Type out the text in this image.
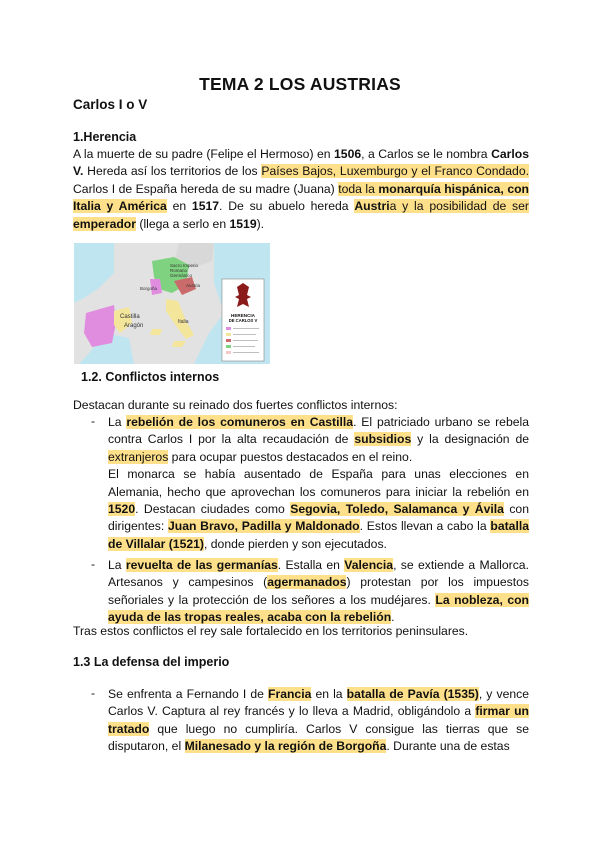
TEMA 2 LOS AUSTRIAS
Carlos I o V
1.Herencia
A la muerte de su padre (Felipe el Hermoso) en 1506, a Carlos se le nombra Carlos V. Hereda así los territorios de los Países Bajos, Luxemburgo y el Franco Condado. Carlos I de España hereda de su madre (Juana) toda la monarquía hispánica, con Italia y América en 1517. De su abuelo hereda Austria y la posibilidad de ser emperador (llega a serlo en 1519).
Castilla
Aragón
Sacro Imperio
Romano
Germánico
Austria
Borgoña
Italia
HERENCIA
DE CARLOS V
1.2. Conflictos internos
Destacan durante su reinado dos fuertes conflictos internos:
- La rebelión de los comuneros en Castilla. El patriciado urbano se rebela contra Carlos I por la alta recaudación de subsidios y la designación de extranjeros para ocupar puestos destacados en el reino.
El monarca se había ausentado de España para unas elecciones en Alemania, hecho que aprovechan los comuneros para iniciar la rebelión en 1520. Destacan ciudades como Segovia, Toledo, Salamanca y Ávila con dirigentes: Juan Bravo, Padilla y Maldonado. Estos llevan a cabo la batalla de Villalar (1521), donde pierden y son ejecutados.
- La revuelta de las germanías. Estalla en Valencia, se extiende a Mallorca. Artesanos y campesinos (agermanados) protestan por los impuestos señoriales y la protección de los señores a los mudéjares. La nobleza, con ayuda de las tropas reales, acaba con la rebelión.
Tras estos conflictos el rey sale fortalecido en los territorios peninsulares.
1.3 La defensa del imperio
- Se enfrenta a Fernando I de Francia en la batalla de Pavía (1535), y vence Carlos V. Captura al rey francés y lo lleva a Madrid, obligándolo a firmar un tratado que luego no cumpliría. Carlos V consigue las tierras que se disputaron, el Milanesado y la región de Borgoña. Durante una de estas
